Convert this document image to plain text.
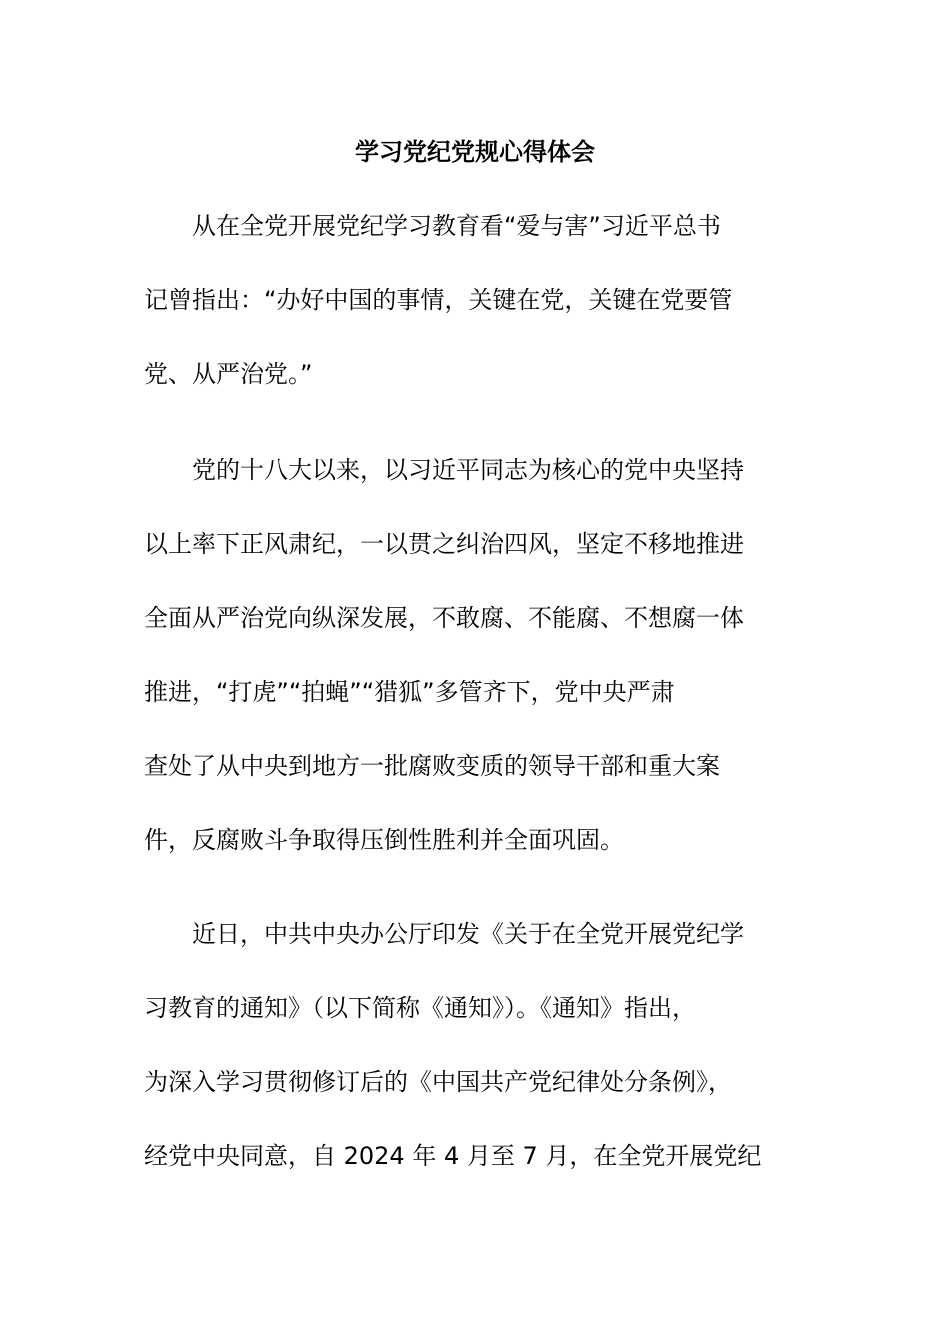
学习党纪党规心得体会
从在全党开展党纪学习教育看“爱与害”习近平总书
记曾指出：“办好中国的事情，关键在党，关键在党要管
党、从严治党。”
党的十八大以来，以习近平同志为核心的党中央坚持
以上率下正风肃纪，一以贯之纠治四风，坚定不移地推进
全面从严治党向纵深发展，不敢腐、不能腐、不想腐一体
推进，“打虎”“拍蝇”“猎狐”多管齐下，党中央严肃
查处了从中央到地方一批腐败变质的领导干部和重大案
件，反腐败斗争取得压倒性胜利并全面巩固。
近日，中共中央办公厅印发《关于在全党开展党纪学
习教育的通知》（以下简称《通知》）。《通知》指出，
为深入学习贯彻修订后的《中国共产党纪律处分条例》，
经党中央同意，自 2024 年 4 月至 7 月，在全党开展党纪
